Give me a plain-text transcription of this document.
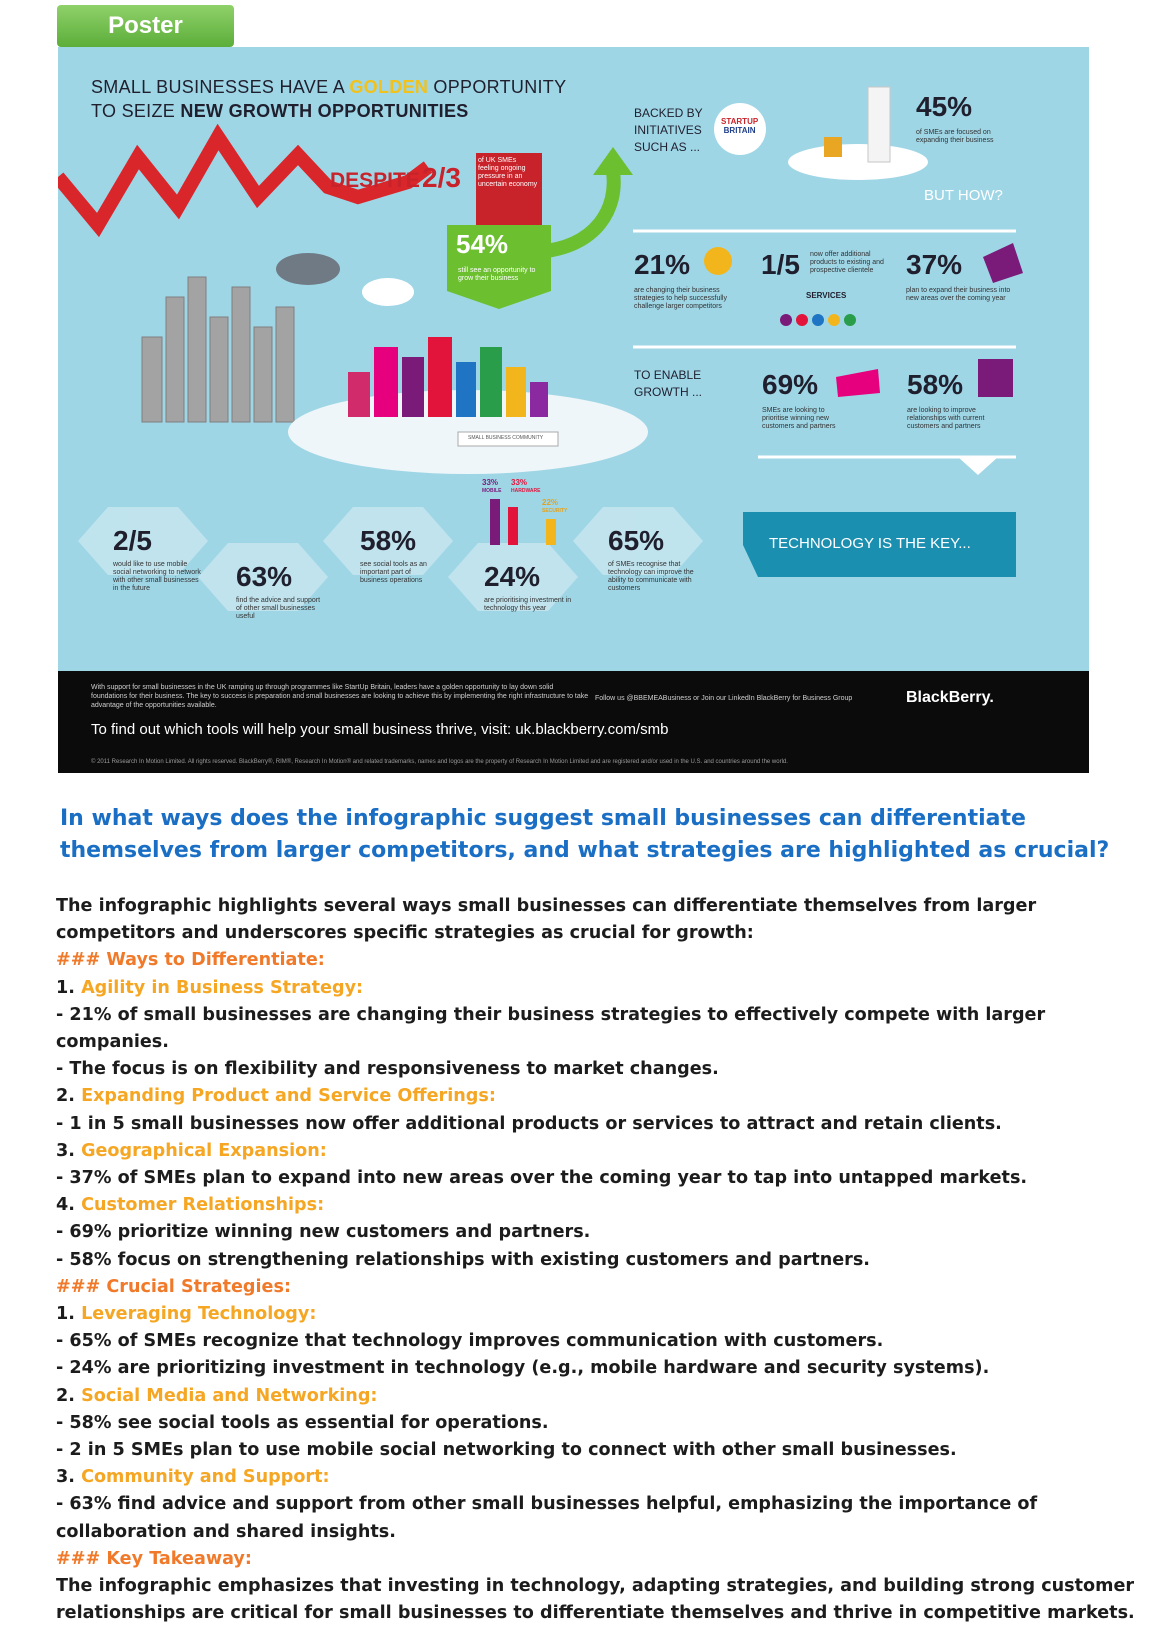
Poster
SMALL BUSINESSES HAVE A GOLDEN OPPORTUNITY
TO SEIZE NEW GROWTH OPPORTUNITIES
DESPITE 2/3
of UK SMEs feeling ongoing pressure in an uncertain economy
54%
still see an opportunity to grow their business
BACKED BY INITIATIVES SUCH AS ...
STARTUP
BRITAIN
45%
of SMEs are focused on expanding their business
BUT HOW?
21%
are changing their business strategies to help successfully challenge larger competitors
1/5 now offer additional products to existing and prospective clientele
SERVICES
37%
plan to expand their business into new areas over the coming year
TO ENABLE GROWTH ...	69%
SMEs are looking to prioritise winning new customers and partners
58%
are looking to improve relationships with current customers and partners
SMALL BUSINESS COMMUNITY
2/5
would like to use mobile social networking to network with other small businesses in the future	63%
find the advice and support of other small businesses useful
58%
see social tools as an important part of business operations
33%
MOBILE
33%
HARDWARE
22%
SECURITY
24%
are prioritising investment in technology this year
65%
of SMEs recognise that technology can improve the ability to communicate with customers
TECHNOLOGY IS THE KEY...
With support for small businesses in the UK ramping up through programmes like StartUp Britain, leaders have a golden opportunity to lay down solid foundations for their business. The key to success is preparation and small businesses are looking to achieve this by implementing the right infrastructure to take advantage of the opportunities available.
Follow us @BBEMEABusiness or Join our LinkedIn BlackBerry for Business Group	BlackBerry.
To find out which tools will help your small business thrive, visit: uk.blackberry.com/smb
© 2011 Research In Motion Limited. All rights reserved. BlackBerry®, RIM®, Research In Motion® and related trademarks, names and logos are the property of Research In Motion Limited and are registered and/or used in the U.S. and countries around the world.
In what ways does the infographic suggest small businesses can differentiate themselves from larger competitors, and what strategies are highlighted as crucial?
The infographic highlights several ways small businesses can differentiate themselves from larger competitors and underscores specific strategies as crucial for growth:
### Ways to Differentiate:
1. Agility in Business Strategy:
- 21% of small businesses are changing their business strategies to effectively compete with larger companies.
- The focus is on flexibility and responsiveness to market changes.
2. Expanding Product and Service Offerings:
- 1 in 5 small businesses now offer additional products or services to attract and retain clients.
3. Geographical Expansion:
- 37% of SMEs plan to expand into new areas over the coming year to tap into untapped markets.
4. Customer Relationships:
- 69% prioritize winning new customers and partners.
- 58% focus on strengthening relationships with existing customers and partners.
### Crucial Strategies:
1. Leveraging Technology:
- 65% of SMEs recognize that technology improves communication with customers.
- 24% are prioritizing investment in technology (e.g., mobile hardware and security systems).
2. Social Media and Networking:
- 58% see social tools as essential for operations.
- 2 in 5 SMEs plan to use mobile social networking to connect with other small businesses.
3. Community and Support:
- 63% find advice and support from other small businesses helpful, emphasizing the importance of collaboration and shared insights.
### Key Takeaway:
The infographic emphasizes that investing in technology, adapting strategies, and building strong customer relationships are critical for small businesses to differentiate themselves and thrive in competitive markets.
